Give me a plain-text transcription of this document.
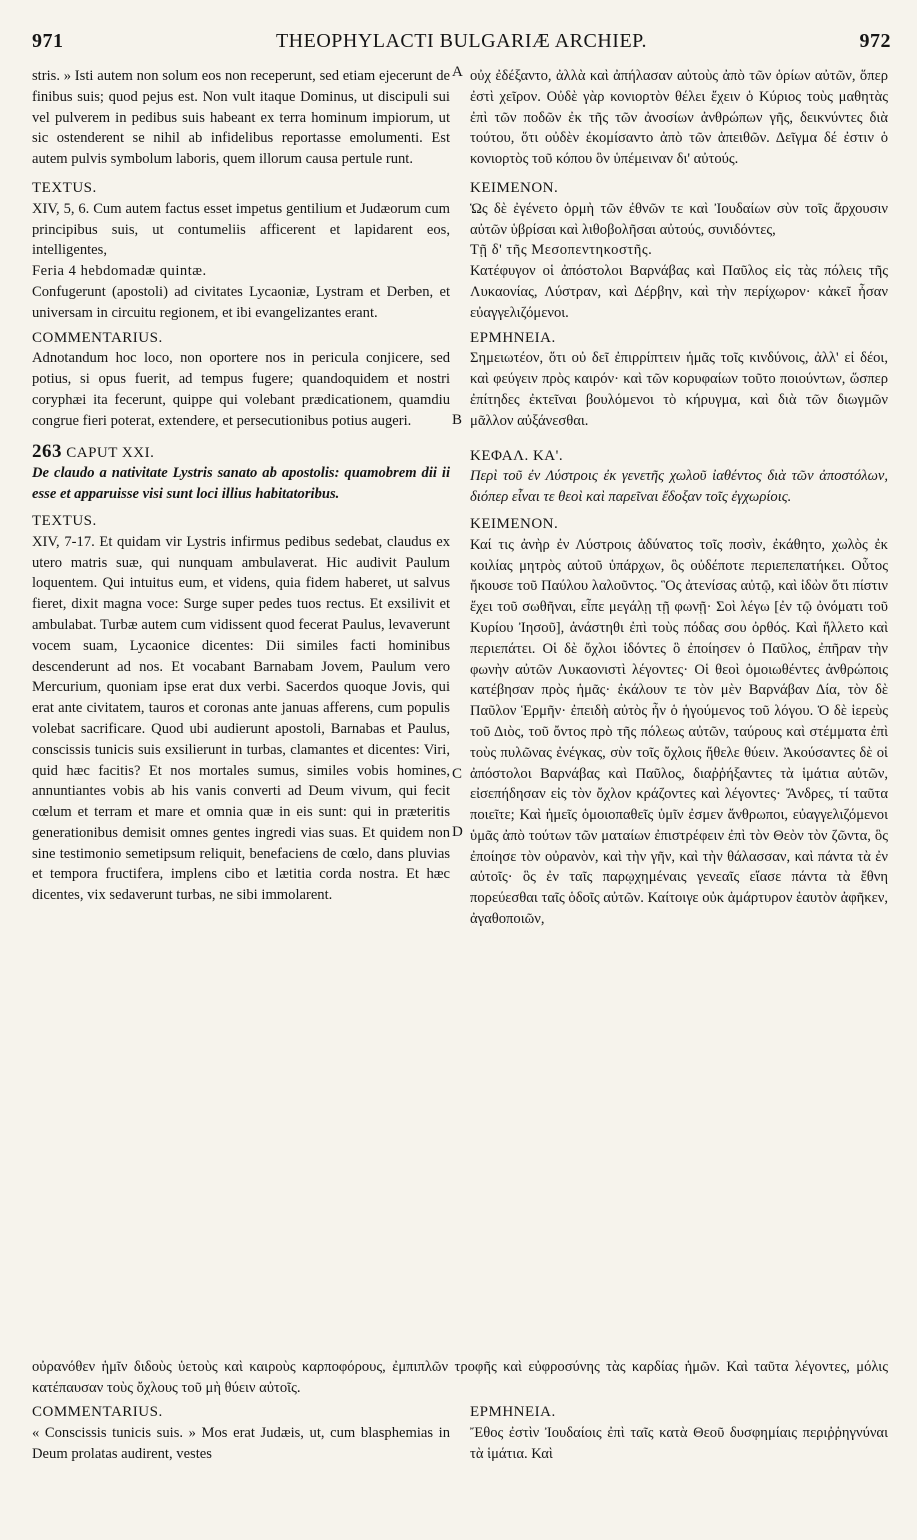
971	THEOPHYLACTI BULGARIÆ ARCHIEP.	972
A
B
C
D

stris. » Isti autem non solum eos non receperunt, sed etiam ejecerunt de finibus suis; quod pejus est. Non vult itaque Dominus, ut discipuli sui vel pulverem in pedibus suis habeant ex terra hominum impiorum, ut sic ostenderent se nihil ab infidelibus reportasse emolumenti. Est autem pulvis symbolum laboris, quem illorum causa pertule runt.

TEXTUS.

XIV, 5, 6. Cum autem factus esset impetus gentilium et Judæorum cum principibus suis, ut contumeliis afficerent et lapidarent eos, intelligentes,

Feria 4 hebdomadæ quintæ.

Confugerunt (apostoli) ad civitates Lycaoniæ, Lystram et Derben, et universam in circuitu regionem, et ibi evangelizantes erant.

COMMENTARIUS.

Adnotandum hoc loco, non oportere nos in pericula conjicere, sed potius, si opus fuerit, ad tempus fugere; quandoquidem et nostri coryphæi ita fecerunt, quippe qui volebant prædicationem, quamdiu congrue fieri poterat, extendere, et persecutionibus potius augeri.

263 CAPUT XXI.

De claudo a nativitate Lystris sanato ab apostolis: quamobrem dii ii esse et apparuisse visi sunt loci illius habitatoribus.

TEXTUS.

XIV, 7-17. Et quidam vir Lystris infirmus pedibus sedebat, claudus ex utero matris suæ, qui nunquam ambulaverat. Hic audivit Paulum loquentem. Qui intuitus eum, et videns, quia fidem haberet, ut salvus fieret, dixit magna voce: Surge super pedes tuos rectus. Et exsilivit et ambulabat. Turbæ autem cum vidissent quod fecerat Paulus, levaverunt vocem suam, Lycaonice dicentes: Dii similes facti hominibus descenderunt ad nos. Et vocabant Barnabam Jovem, Paulum vero Mercurium, quoniam ipse erat dux verbi. Sacerdos quoque Jovis, qui erat ante civitatem, tauros et coronas ante januas afferens, cum populis volebat sacrificare. Quod ubi audierunt apostoli, Barnabas et Paulus, conscissis tunicis suis exsilierunt in turbas, clamantes et dicentes: Viri, quid hæc facitis? Et nos mortales sumus, similes vobis homines, annuntiantes vobis ab his vanis converti ad Deum vivum, qui fecit cœlum et terram et mare et omnia quæ in eis sunt: qui in præteritis generationibus demisit omnes gentes ingredi vias suas. Et quidem non sine testimonio semetipsum reliquit, benefaciens de cœlo, dans pluvias et tempora fructifera, implens cibo et lætitia corda nostra. Et hæc dicentes, vix sedaverunt turbas, ne sibi immolarent.

οὐχ ἐδέξαντο, ἀλλὰ καὶ ἀπήλασαν αὐτοὺς ἀπὸ τῶν ὁρίων αὐτῶν, ὅπερ ἐστὶ χεῖρον. Οὐδὲ γὰρ κονιορτὸν θέλει ἔχειν ὁ Κύριος τοὺς μαθητὰς ἐπὶ τῶν ποδῶν ἐκ τῆς τῶν ἀνοσίων ἀνθρώπων γῆς, δεικνύντες διὰ τούτου, ὅτι οὐδὲν ἐκομίσαντο ἀπὸ τῶν ἀπειθῶν. Δεῖγμα δέ ἐστιν ὁ κονιορτὸς τοῦ κόπου ὃν ὑπέμειναν δι' αὐτούς.

ΚΕΙΜΕΝΟΝ.

Ὡς δὲ ἐγένετο ὁρμὴ τῶν ἐθνῶν τε καὶ Ἰουδαίων σὺν τοῖς ἄρχουσιν αὐτῶν ὑβρίσαι καὶ λιθοβολῆσαι αὐτούς, συνιδόντες,

Τῇ δ' τῆς Μεσοπεντηκοστῆς.

Κατέφυγον οἱ ἀπόστολοι Βαρνάβας καὶ Παῦλος εἰς τὰς πόλεις τῆς Λυκαονίας, Λύστραν, καὶ Δέρβην, καὶ τὴν περίχωρον· κἀκεῖ ἦσαν εὐαγγελιζόμενοι.

ΕΡΜΗΝΕΙΑ.

Σημειωτέον, ὅτι οὐ δεῖ ἐπιρρίπτειν ἡμᾶς τοῖς κινδύνοις, ἀλλ' εἰ δέοι, καὶ φεύγειν πρὸς καιρόν· καὶ τῶν κορυφαίων τοῦτο ποιούντων, ὥσπερ ἐπίτηδες ἐκτεῖναι βουλόμενοι τὸ κήρυγμα, καὶ διὰ τῶν διωγμῶν μᾶλλον αὐξάνεσθαι.

ΚΕΦΑΛ. ΚΑ'.

Περὶ τοῦ ἐν Λύστροις ἐκ γενετῆς χωλοῦ ἰαθέντος διὰ τῶν ἀποστόλων, διόπερ εἶναι τε θεοὶ καὶ παρεῖναι ἔδοξαν τοῖς ἐγχωρίοις.

ΚΕΙΜΕΝΟΝ.

Καί τις ἀνὴρ ἐν Λύστροις ἀδύνατος τοῖς ποσὶν, ἐκάθητο, χωλὸς ἐκ κοιλίας μητρὸς αὐτοῦ ὑπάρχων, ὃς οὐδέποτε περιεπεπατήκει. Οὗτος ἤκουσε τοῦ Παύλου λαλοῦντος. Ὃς ἀτενίσας αὐτῷ, καὶ ἰδὼν ὅτι πίστιν ἔχει τοῦ σωθῆναι, εἶπε μεγάλῃ τῇ φωνῇ· Σοὶ λέγω [ἐν τῷ ὀνόματι τοῦ Κυρίου Ἰησοῦ], ἀνάστηθι ἐπὶ τοὺς πόδας σου ὀρθός. Καὶ ἥλλετο καὶ περιεπάτει. Οἱ δὲ ὄχλοι ἰδόντες ὃ ἐποίησεν ὁ Παῦλος, ἐπῆραν τὴν φωνὴν αὐτῶν Λυκαονιστὶ λέγοντες· Οἱ θεοὶ ὁμοιωθέντες ἀνθρώποις κατέβησαν πρὸς ἡμᾶς· ἐκάλουν τε τὸν μὲν Βαρνάβαν Δία, τὸν δὲ Παῦλον Ἑρμῆν· ἐπειδὴ αὐτὸς ἦν ὁ ἡγούμενος τοῦ λόγου. Ὁ δὲ ἱερεὺς τοῦ Διὸς, τοῦ ὄντος πρὸ τῆς πόλεως αὐτῶν, ταύρους καὶ στέμματα ἐπὶ τοὺς πυλῶνας ἐνέγκας, σὺν τοῖς ὄχλοις ἤθελε θύειν. Ἀκούσαντες δὲ οἱ ἀπόστολοι Βαρνάβας καὶ Παῦλος, διαῤῥήξαντες τὰ ἱμάτια αὐτῶν, εἰσεπήδησαν εἰς τὸν ὄχλον κράζοντες καὶ λέγοντες· Ἄνδρες, τί ταῦτα ποιεῖτε; Καὶ ἡμεῖς ὁμοιοπαθεῖς ὑμῖν ἐσμεν ἄνθρωποι, εὐαγγελιζόμενοι ὑμᾶς ἀπὸ τούτων τῶν ματαίων ἐπιστρέφειν ἐπὶ τὸν Θεὸν τὸν ζῶντα, ὃς ἐποίησε τὸν οὐρανὸν, καὶ τὴν γῆν, καὶ τὴν θάλασσαν, καὶ πάντα τὰ ἐν αὐτοῖς· ὃς ἐν ταῖς παρῳχημέναις γενεαῖς εἴασε πάντα τὰ ἔθνη πορεύεσθαι ταῖς ὁδοῖς αὐτῶν. Καίτοιγε οὐκ ἀμάρτυρον ἑαυτὸν ἀφῆκεν, ἀγαθοποιῶν,

οὐρανόθεν ἡμῖν διδοὺς ὑετοὺς καὶ καιροὺς καρποφόρους, ἐμπιπλῶν τροφῆς καὶ εὐφροσύνης τὰς καρδίας ἡμῶν. Καὶ ταῦτα λέγοντες, μόλις κατέπαυσαν τοὺς ὄχλους τοῦ μὴ θύειν αὐτοῖς.

COMMENTARIUS.

« Conscissis tunicis suis. » Mos erat Judæis, ut, cum blasphemias in Deum prolatas audirent, vestes

ΕΡΜΗΝΕΙΑ.

Ἔθος ἐστὶν Ἰουδαίοις ἐπὶ ταῖς κατὰ Θεοῦ δυσφημίαις περιῤῥηγνύναι τὰ ἱμάτια. Καὶ
